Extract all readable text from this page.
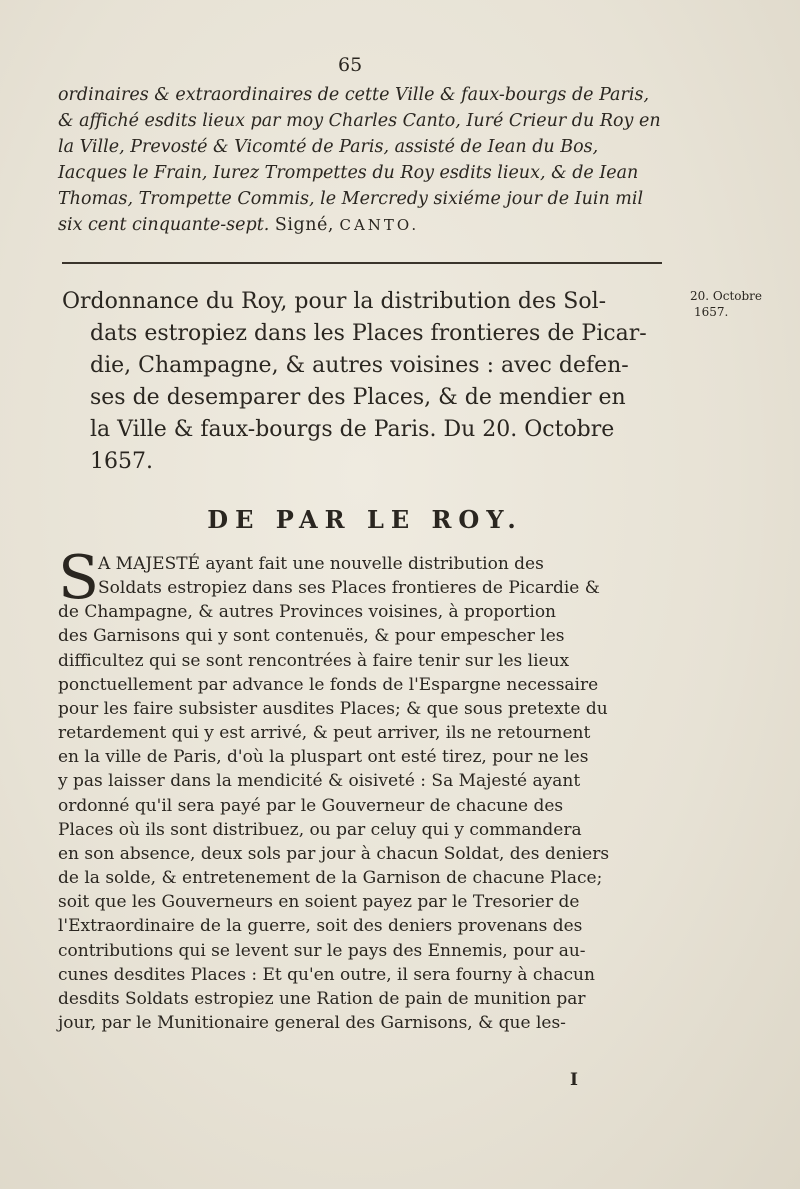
65
ordinaires & extraordinaires de cette Ville & faux-bourgs de Paris,
& affiché esdits lieux par moy Charles Canto, Iuré Crieur du Roy en
la Ville, Prevosté & Vicomté de Paris, assisté de Iean du Bos,
Iacques le Frain, Iurez Trompettes du Roy esdits lieux, & de Iean
Thomas, Trompette Commis, le Mercredy sixiéme jour de Iuin mil
six cent cinquante-sept. Signé, CANTO.
Ordonnance du Roy, pour la distribution des Sol-
dats estropiez dans les Places frontieres de Picar-
die, Champagne, & autres voisines : avec defen-
ses de desemparer des Places, & de mendier en
la Ville & faux-bourgs de Paris. Du 20. Octobre
1657.
20. Octobre
1657.
DE PAR LE ROY.
S
A MAJESTÉ ayant fait une nouvelle distribution des
Soldats estropiez dans ses Places frontieres de Picardie &
de Champagne, & autres Provinces voisines, à proportion
des Garnisons qui y sont contenuës, & pour empescher les
difficultez qui se sont rencontrées à faire tenir sur les lieux
ponctuellement par advance le fonds de l'Espargne necessaire
pour les faire subsister ausdites Places; & que sous pretexte du
retardement qui y est arrivé, & peut arriver, ils ne retournent
en la ville de Paris, d'où la pluspart ont esté tirez, pour ne les
y pas laisser dans la mendicité & oisiveté : Sa Majesté ayant
ordonné qu'il sera payé par le Gouverneur de chacune des
Places où ils sont distribuez, ou par celuy qui y commandera
en son absence, deux sols par jour à chacun Soldat, des deniers
de la solde, & entretenement de la Garnison de chacune Place;
soit que les Gouverneurs en soient payez par le Tresorier de
l'Extraordinaire de la guerre, soit des deniers provenans des
contributions qui se levent sur le pays des Ennemis, pour au-
cunes desdites Places : Et qu'en outre, il sera fourny à chacun
desdits Soldats estropiez une Ration de pain de munition par
jour, par le Munitionaire general des Garnisons, & que les-
I
